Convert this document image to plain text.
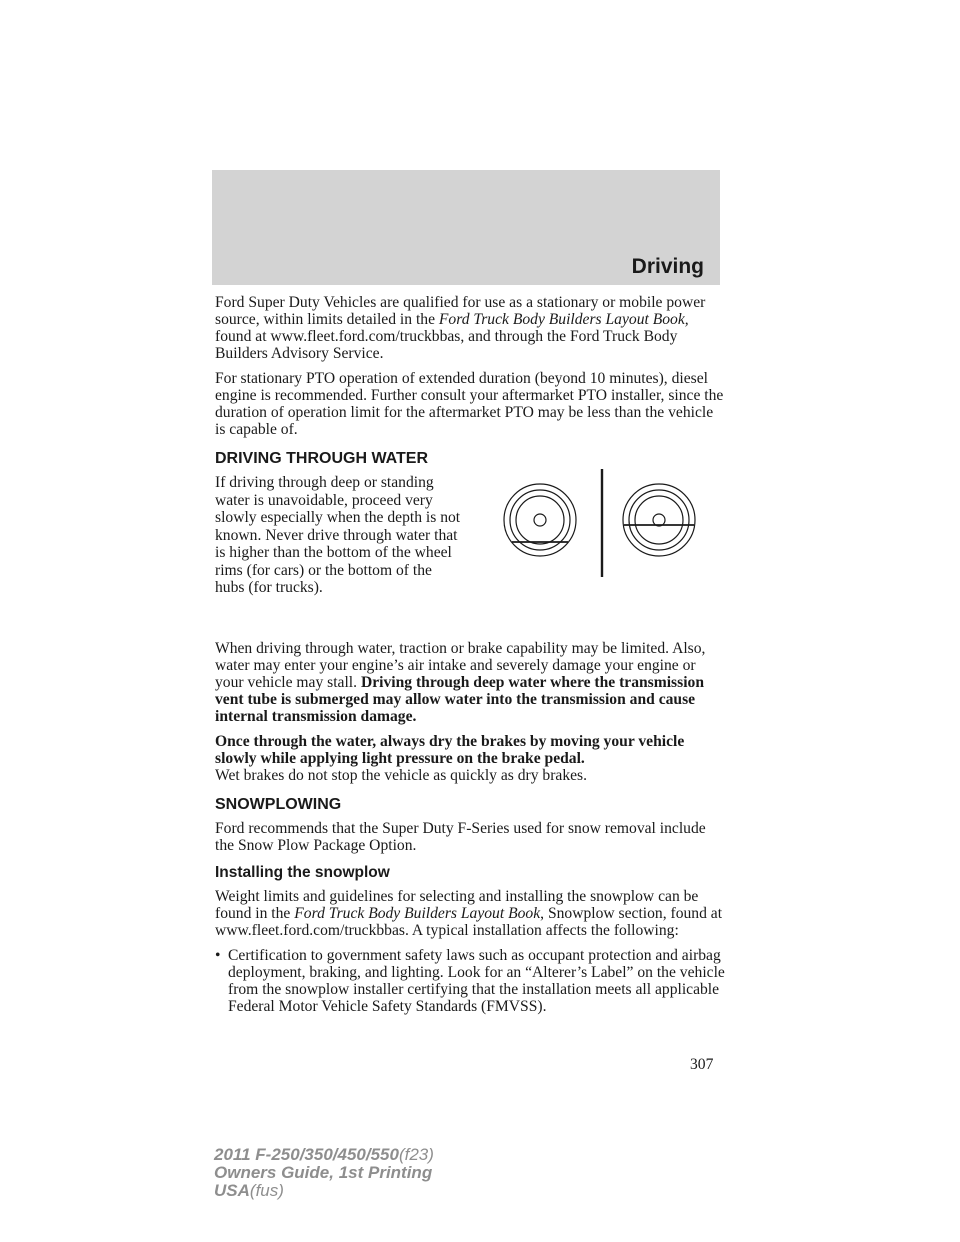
Driving

Ford Super Duty Vehicles are qualified for use as a stationary or mobile power source, within limits detailed in the Ford Truck Body Builders Layout Book, found at www.fleet.ford.com/truckbbas, and through the Ford Truck Body Builders Advisory Service.

For stationary PTO operation of extended duration (beyond 10 minutes), diesel engine is recommended. Further consult your aftermarket PTO installer, since the duration of operation limit for the aftermarket PTO may be less than the vehicle is capable of.

DRIVING THROUGH WATER
If driving through deep or standing water is unavoidable, proceed very slowly especially when the depth is not known. Never drive through water that is higher than the bottom of the wheel rims (for cars) or the bottom of the hubs (for trucks).

When driving through water, traction or brake capability may be limited. Also, water may enter your engine’s air intake and severely damage your engine or your vehicle may stall. Driving through deep water where the transmission vent tube is submerged may allow water into the transmission and cause internal transmission damage.

Once through the water, always dry the brakes by moving your vehicle slowly while applying light pressure on the brake pedal.

Wet brakes do not stop the vehicle as quickly as dry brakes.

SNOWPLOWING

Ford recommends that the Super Duty F-Series used for snow removal include the Snow Plow Package Option.

Installing the snowplow

Weight limits and guidelines for selecting and installing the snowplow can be found in the Ford Truck Body Builders Layout Book, Snowplow section, found at www.fleet.ford.com/truckbbas. A typical installation affects the following:

• Certification to government safety laws such as occupant protection and airbag deployment, braking, and lighting. Look for an “Alterer’s Label” on the vehicle from the snowplow installer certifying that the installation meets all applicable Federal Motor Vehicle Safety Standards (FMVSS).
307
2011 F-250/350/450/550(f23)
Owners Guide, 1st Printing
USA(fus)
